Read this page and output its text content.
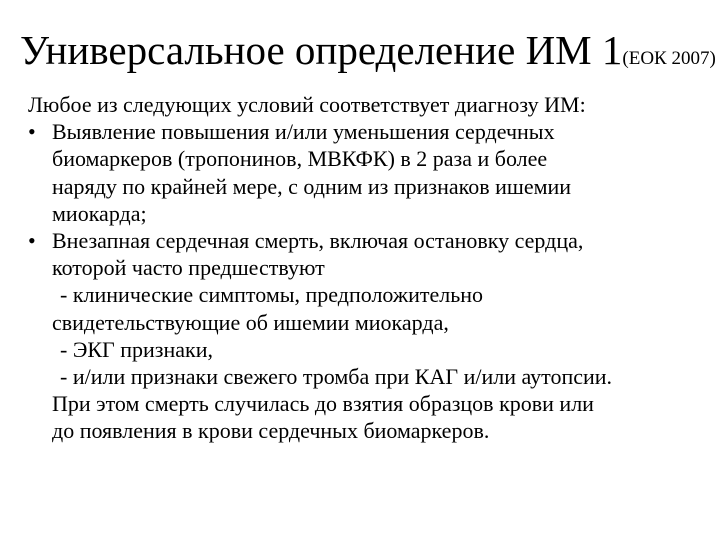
Универсальное определение ИМ 1(ЕОК 2007)
Любое из следующих условий соответствует диагнозу ИМ:
• Выявление повышения и/или уменьшения сердечных
биомаркеров (тропонинов, МВКФК) в 2 раза и более
наряду по крайней мере, с одним из признаков ишемии
миокарда;
• Внезапная сердечная смерть, включая остановку сердца,
которой часто предшествуют
- клинические симптомы, предположительно
свидетельствующие об ишемии миокарда,
- ЭКГ признаки,
- и/или признаки свежего тромба при КАГ и/или аутопсии.
При этом смерть случилась до взятия образцов крови или
до появления в крови сердечных биомаркеров.
